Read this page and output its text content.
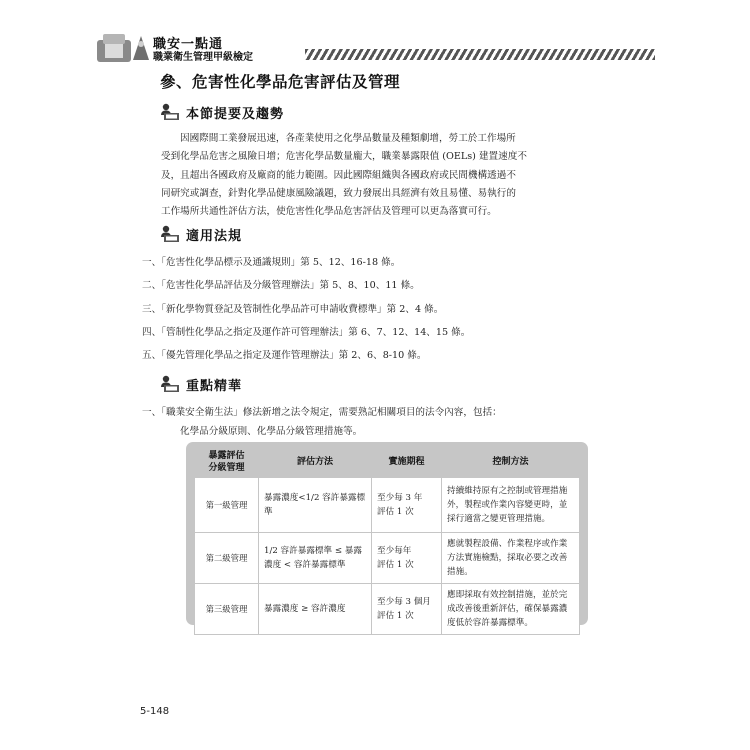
職安一點通
職業衛生管理甲級檢定
參、危害性化學品危害評估及管理
本節提要及趨勢
因國際間工業發展迅速，各產業使用之化學品數量及種類劇增，勞工於工作場所
受到化學品危害之風險日增；危害化學品數量龐大，職業暴露限值 (OELs) 建置速度不
及，且超出各國政府及廠商的能力範圍。因此國際組織與各國政府或民間機構透過不
同研究或調查，針對化學品健康風險議題，致力發展出具經濟有效且易懂、易執行的
工作場所共通性評估方法，使危害性化學品危害評估及管理可以更為落實可行。
適用法規
一、「危害性化學品標示及通識規則」第 5、12、16-18 條。
二、「危害性化學品評估及分級管理辦法」第 5、8、10、11 條。
三、「新化學物質登記及管制性化學品許可申請收費標準」第 2、4 條。
四、「管制性化學品之指定及運作許可管理辦法」第 6、7、12、14、15 條。
五、「優先管理化學品之指定及運作管理辦法」第 2、6、8-10 條。
重點精華
一、「職業安全衛生法」修法新增之法令規定，需要熟記相關項目的法令內容，包括：
化學品分級原則、化學品分級管理措施等。
暴露評估
分級管理	評估方法	實施期程	控制方法
第一級管理	暴露濃度<1/2 容許暴露標準	至少每 3 年
評估 1 次	持續維持原有之控制或管理措施外，製程或作業內容變更時，並採行適當之變更管理措施。
第二級管理	1/2 容許暴露標準 ≤ 暴露濃度 < 容許暴露標準	至少每年
評估 1 次	應就製程設備、作業程序或作業方法實施檢點，採取必要之改善措施。
第三級管理	暴露濃度 ≥ 容許濃度	至少每 3 個月
評估 1 次	應即採取有效控制措施，並於完成改善後重新評估，確保暴露濃度低於容許暴露標準。
5-148
